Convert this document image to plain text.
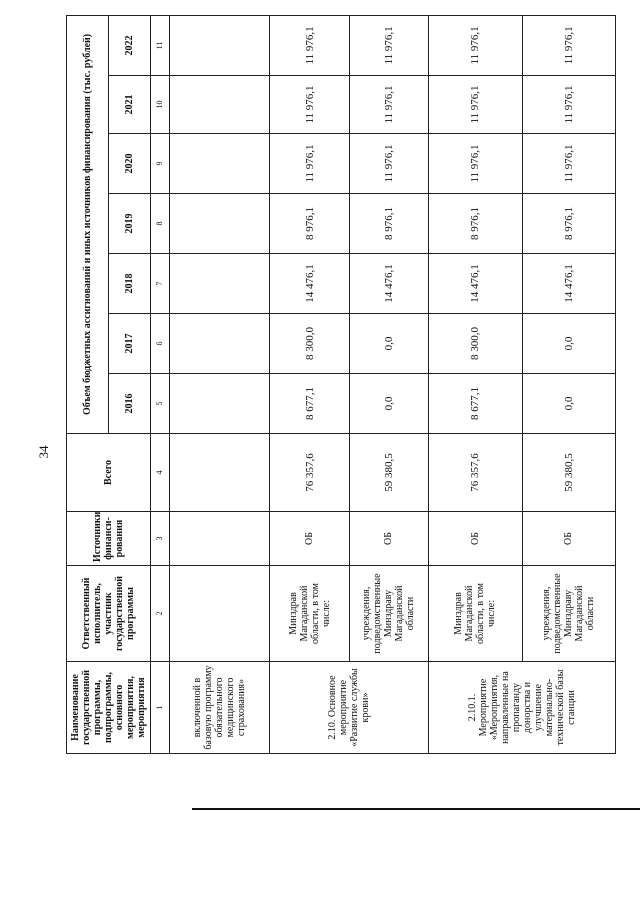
34
Наименование государственной программы, подпрограммы, основного мероприятия, мероприятия	Ответственный исполнитель, участник государственной программы	Источники финанси-рования	Всего	Объем бюджетных ассигнований и иных источников финансирования (тыс. рублей)						
				2016	2017	2018	2019	2020	2021	2022
1	2	3	4	5	6	7	8	9	10	11
включенной в базовую программу обязательного медицинского страхования»										
2.10. Основное мероприятие «Развитие службы крови»	Минздрав Магаданской области, в том числе:	ОБ	76 357,6	8 677,1	8 300,0	14 476,1	8 976,1	11 976,1	11 976,1	11 976,1
	учреждения, подведомственные Минздраву Магаданской области	ОБ	59 380,5	0,0	0,0	14 476,1	8 976,1	11 976,1	11 976,1	11 976,1
2.10.1. Мероприятие «Мероприятия, направленные на пропаганду донорства и улучшение материально-технической базы станции	Минздрав Магаданской области, в том числе:	ОБ	76 357,6	8 677,1	8 300,0	14 476,1	8 976,1	11 976,1	11 976,1	11 976,1
	учреждения, подведомственные Минздраву Магаданской области	ОБ	59 380,5	0,0	0,0	14 476,1	8 976,1	11 976,1	11 976,1	11 976,1
